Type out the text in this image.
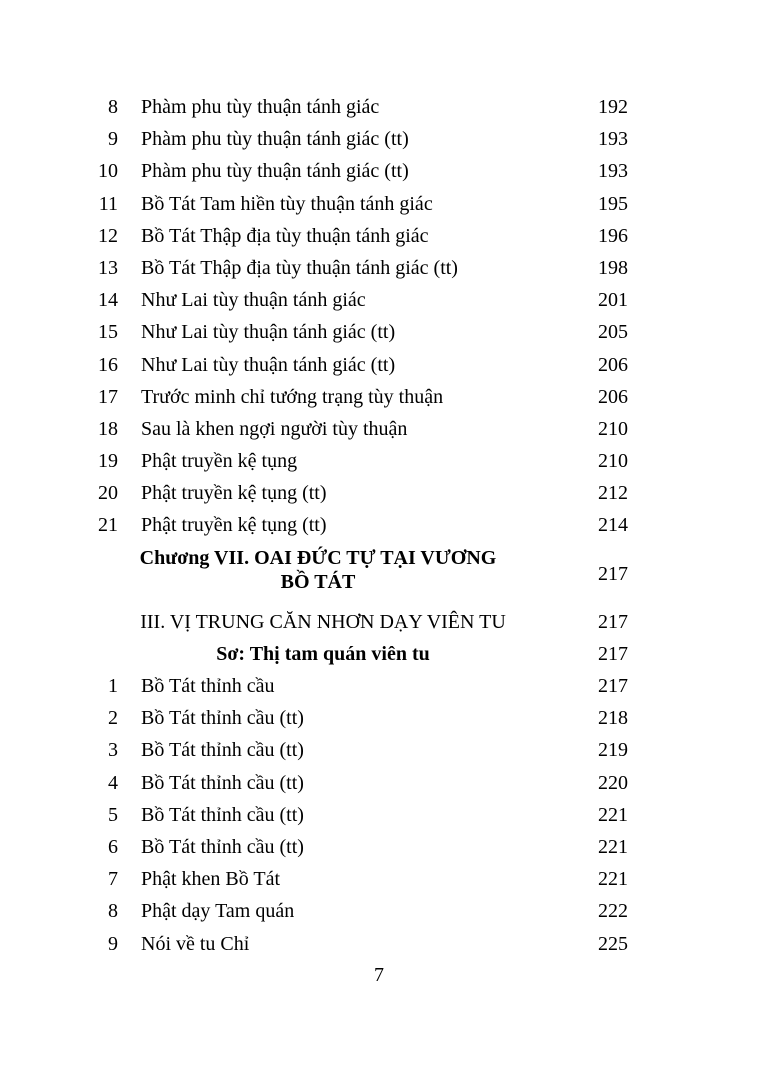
8 Phàm phu tùy thuận tánh giác	192
9 Phàm phu tùy thuận tánh giác (tt)	193
10 Phàm phu tùy thuận tánh giác (tt)	193
11 Bồ Tát Tam hiền tùy thuận tánh giác	195
12 Bồ Tát Thập địa tùy thuận tánh giác	196
13 Bồ Tát Thập địa tùy thuận tánh giác (tt)	198
14 Như Lai tùy thuận tánh giác	201
15 Như Lai tùy thuận tánh giác (tt)	205
16 Như Lai tùy thuận tánh giác (tt)	206
17 Trước minh chỉ tướng trạng tùy thuận	206
18 Sau là khen ngợi người tùy thuận	210
19 Phật truyền kệ tụng	210
20 Phật truyền kệ tụng (tt)	212
21 Phật truyền kệ tụng (tt)	214
Chương VII. OAI ĐỨC TỰ TẠI VƯƠNG
BỒ TÁT	217
III. VỊ TRUNG CĂN NHƠN DẠY VIÊN TU	217
Sơ: Thị tam quán viên tu	217
1 Bồ Tát thỉnh cầu	217
2 Bồ Tát thỉnh cầu (tt)	218
3 Bồ Tát thỉnh cầu (tt)	219
4 Bồ Tát thỉnh cầu (tt)	220
5 Bồ Tát thỉnh cầu (tt)	221
6 Bồ Tát thỉnh cầu (tt)	221
7 Phật khen Bồ Tát	221
8 Phật dạy Tam quán	222
9 Nói về tu Chỉ	225
7
